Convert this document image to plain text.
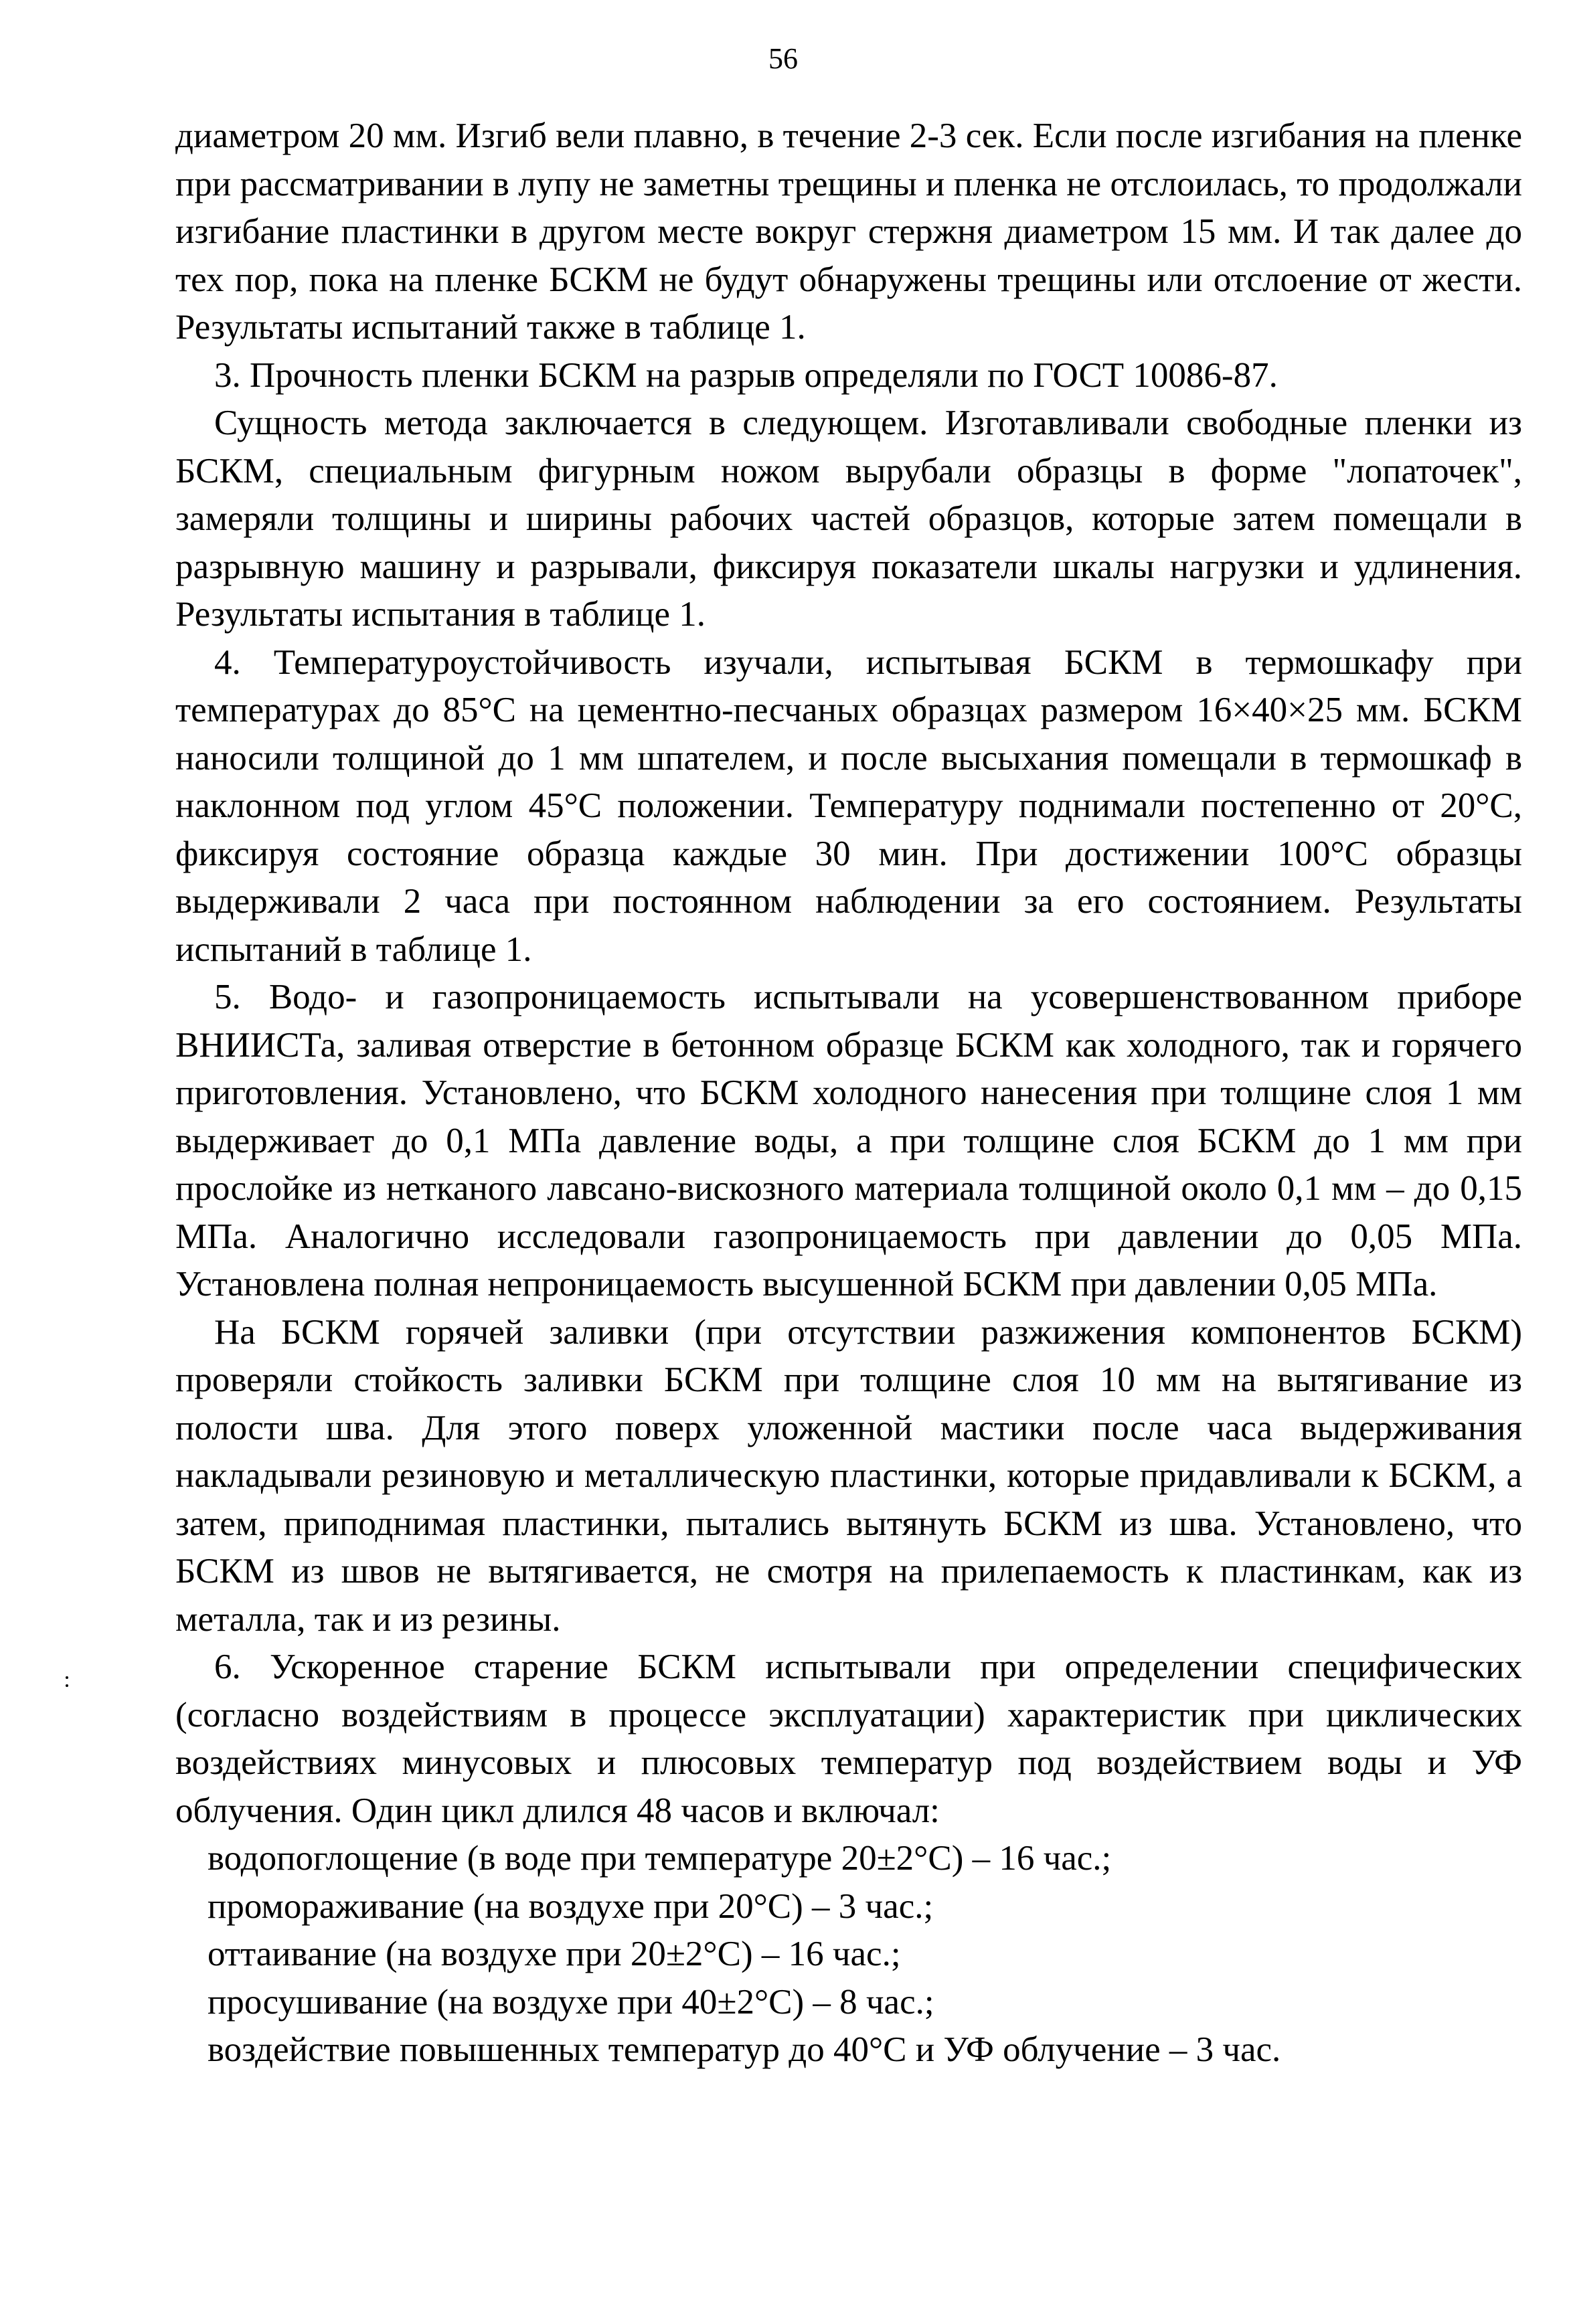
56

диаметром 20 мм. Изгиб вели плавно, в течение 2-3 сек. Если после изгибания на пленке при рассматривании в лупу не заметны трещины и пленка не отслоилась, то продолжали изгибание пластинки в другом месте вокруг стержня диаметром 15 мм. И так далее до тех пор, пока на пленке БСКМ не будут обнаружены трещины или отслоение от жести. Результаты испытаний также в таблице 1.

3. Прочность пленки БСКМ на разрыв определяли по ГОСТ 10086-87.

Сущность метода заключается в следующем. Изготавливали свободные пленки из БСКМ, специальным фигурным ножом вырубали образцы в форме "лопаточек", замеряли толщины и ширины рабочих частей образцов, которые затем помещали в разрывную машину и разрывали, фиксируя показатели шкалы нагрузки и удлинения. Результаты испытания в таблице 1.

4. Температуроустойчивость изучали, испытывая БСКМ в термошкафу при температурах до 85°С на цементно-песчаных образцах размером 16×40×25 мм. БСКМ наносили толщиной до 1 мм шпателем, и после высыхания помещали в термошкаф в наклонном под углом 45°С положении. Температуру поднимали постепенно от 20°С, фиксируя состояние образца каждые 30 мин. При достижении 100°С образцы выдерживали 2 часа при постоянном наблюдении за его состоянием. Результаты испытаний в таблице 1.

5. Водо- и газопроницаемость испытывали на усовершенствованном приборе ВНИИСТа, заливая отверстие в бетонном образце БСКМ как холодного, так и горячего приготовления. Установлено, что БСКМ холодного нанесения при толщине слоя 1 мм выдерживает до 0,1 МПа давление воды, а при толщине слоя БСКМ до 1 мм при прослойке из нетканого лавсано-вискозного материала толщиной около 0,1 мм – до 0,15 МПа. Аналогично исследовали газопроницаемость при давлении до 0,05 МПа. Установлена полная непроницаемость высушенной БСКМ при давлении 0,05 МПа.

На БСКМ горячей заливки (при отсутствии разжижения компонентов БСКМ) проверяли стойкость заливки БСКМ при толщине слоя 10 мм на вытягивание из полости шва. Для этого поверх уложенной мастики после часа выдерживания накладывали резиновую и металлическую пластинки, которые придавливали к БСКМ, а затем, приподнимая пластинки, пытались вытянуть БСКМ из шва. Установлено, что БСКМ из швов не вытягивается, не смотря на прилепаемость к пластинкам, как из металла, так и из резины.

6. Ускоренное старение БСКМ испытывали при определении специфических (согласно воздействиям в процессе эксплуатации) характеристик при циклических воздействиях минусовых и плюсовых температур под воздействием воды и УФ облучения. Один цикл длился 48 часов и включал:

водопоглощение (в воде при температуре 20±2°С) – 16 час.;
промораживание (на воздухе при 20°С) – 3 час.;
оттаивание (на воздухе при 20±2°С) – 16 час.;
просушивание (на воздухе при 40±2°С) – 8 час.;
воздействие повышенных температур до 40°С и УФ облучение – 3 час.
